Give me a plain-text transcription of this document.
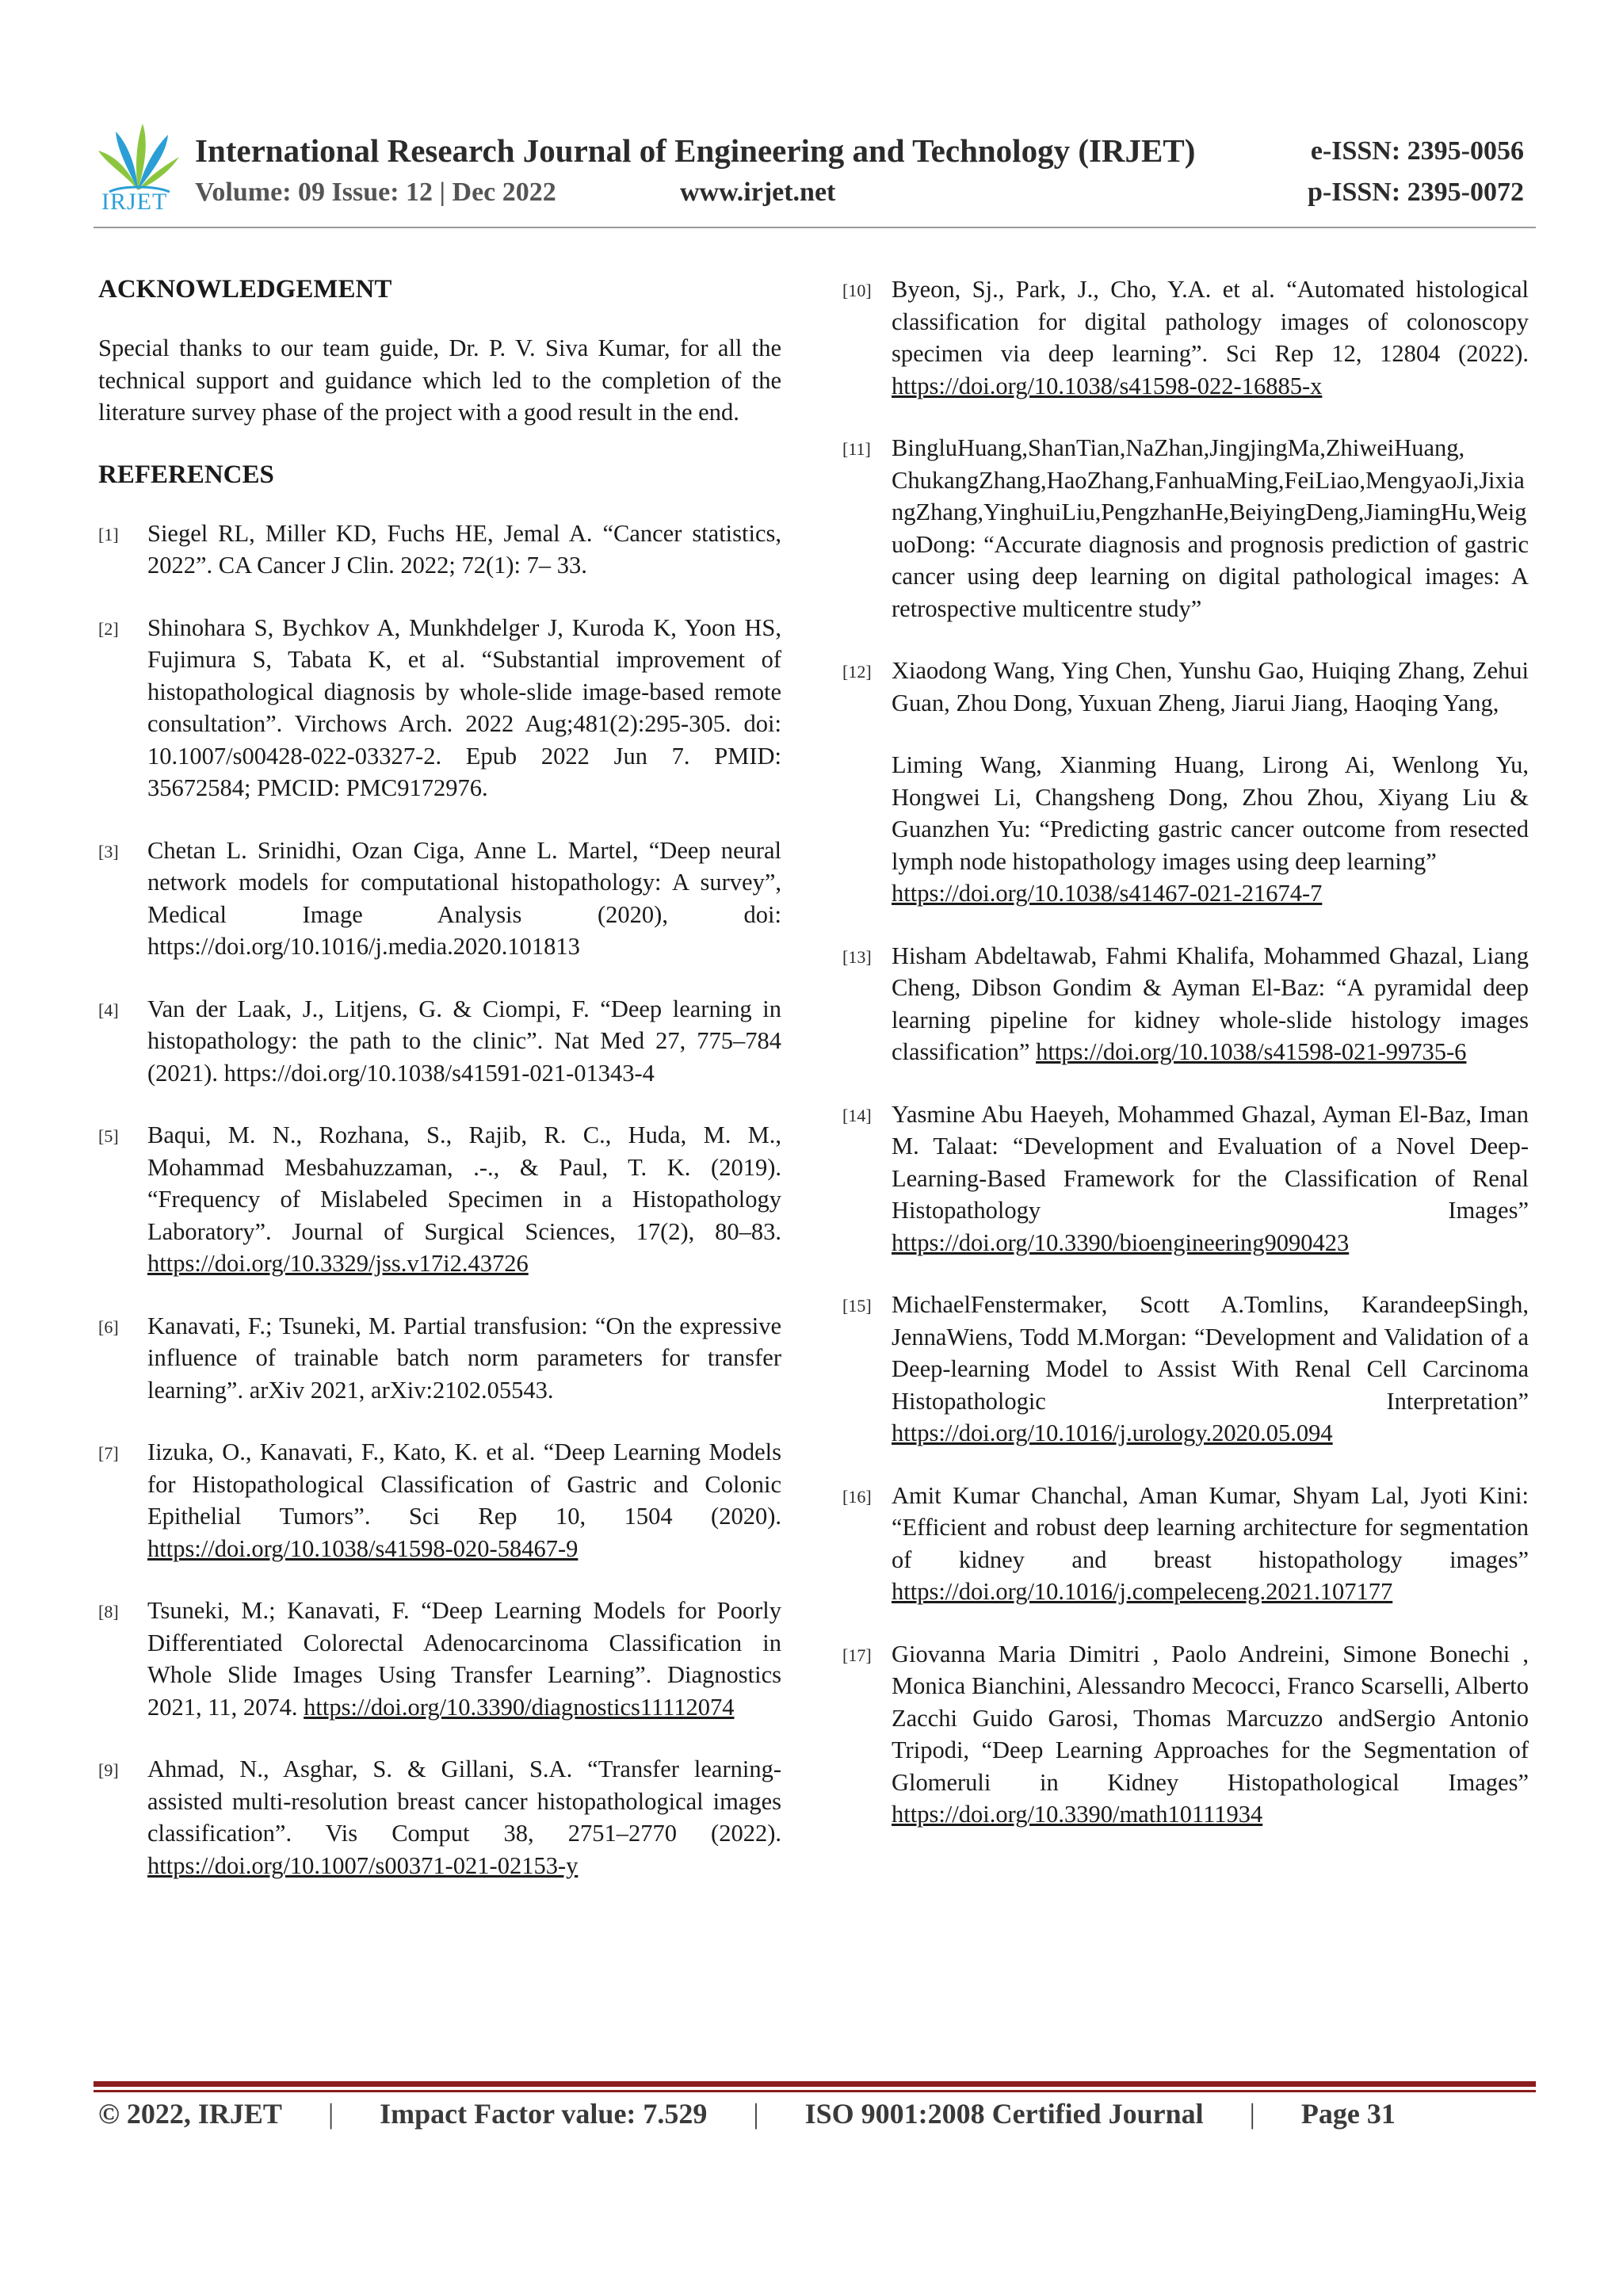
IRJET
International Research Journal of Engineering and Technology (IRJET)	e-ISSN: 2395-0056
Volume: 09 Issue: 12 | Dec 2022	www.irjet.net	p-ISSN: 2395-0072
ACKNOWLEDGEMENT
Special thanks to our team guide, Dr. P. V. Siva Kumar, for all the technical support and guidance which led to the completion of the literature survey phase of the project with a good result in the end.
REFERENCES
[1] Siegel RL, Miller KD, Fuchs HE, Jemal A. “Cancer statistics, 2022”. CA Cancer J Clin. 2022; 72(1): 7– 33.
[2] Shinohara S, Bychkov A, Munkhdelger J, Kuroda K, Yoon HS, Fujimura S, Tabata K, et al. “Substantial improvement of histopathological diagnosis by whole-slide image-based remote consultation”. Virchows Arch. 2022 Aug;481(2):295-305. doi: 10.1007/s00428-022-03327-2. Epub 2022 Jun 7. PMID: 35672584; PMCID: PMC9172976.
[3] Chetan L. Srinidhi, Ozan Ciga, Anne L. Martel, “Deep neural network models for computational histopathology: A survey”, Medical Image Analysis (2020), doi: https://doi.org/10.1016/j.media.2020.101813
[4] Van der Laak, J., Litjens, G. & Ciompi, F. “Deep learning in histopathology: the path to the clinic”. Nat Med 27, 775–784 (2021). https://doi.org/10.1038/s41591-021-01343-4
[5] Baqui, M. N., Rozhana, S., Rajib, R. C., Huda, M. M., Mohammad Mesbahuzzaman, .-., & Paul, T. K. (2019). “Frequency of Mislabeled Specimen in a Histopathology Laboratory”. Journal of Surgical Sciences, 17(2), 80–83. https://doi.org/10.3329/jss.v17i2.43726
[6] Kanavati, F.; Tsuneki, M. Partial transfusion: “On the expressive influence of trainable batch norm parameters for transfer learning”. arXiv 2021, arXiv:2102.05543.
[7] Iizuka, O., Kanavati, F., Kato, K. et al. “Deep Learning Models for Histopathological Classification of Gastric and Colonic Epithelial Tumors”. Sci Rep 10, 1504 (2020). https://doi.org/10.1038/s41598-020-58467-9
[8] Tsuneki, M.; Kanavati, F. “Deep Learning Models for Poorly Differentiated Colorectal Adenocarcinoma Classification in Whole Slide Images Using Transfer Learning”. Diagnostics 2021, 11, 2074. https://doi.org/10.3390/diagnostics11112074
[9] Ahmad, N., Asghar, S. & Gillani, S.A. “Transfer learning-assisted multi-resolution breast cancer histopathological images classification”. Vis Comput 38, 2751–2770 (2022). https://doi.org/10.1007/s00371-021-02153-y
[10] Byeon, Sj., Park, J., Cho, Y.A. et al. “Automated histological classification for digital pathology images of colonoscopy specimen via deep learning”. Sci Rep 12, 12804 (2022). https://doi.org/10.1038/s41598-022-16885-x
[11] BingluHuang,ShanTian,NaZhan,JingjingMa,ZhiweiHuang, ChukangZhang,HaoZhang,FanhuaMing,FeiLiao,MengyaoJi,JixiangZhang,YinghuiLiu,PengzhanHe,BeiyingDeng,JiamingHu,WeiguoDong: “Accurate diagnosis and prognosis prediction of gastric cancer using deep learning on digital pathological images: A retrospective multicentre study”
[12] Xiaodong Wang, Ying Chen, Yunshu Gao, Huiqing Zhang, Zehui Guan, Zhou Dong, Yuxuan Zheng, Jiarui Jiang, Haoqing Yang,
Liming Wang, Xianming Huang, Lirong Ai, Wenlong Yu, Hongwei Li, Changsheng Dong, Zhou Zhou, Xiyang Liu & Guanzhen Yu: “Predicting gastric cancer outcome from resected lymph node histopathology images using deep learning”
https://doi.org/10.1038/s41467-021-21674-7
[13] Hisham Abdeltawab, Fahmi Khalifa, Mohammed Ghazal, Liang Cheng, Dibson Gondim & Ayman El-Baz: “A pyramidal deep learning pipeline for kidney whole-slide histology images classification” https://doi.org/10.1038/s41598-021-99735-6
[14] Yasmine Abu Haeyeh, Mohammed Ghazal, Ayman El-Baz, Iman M. Talaat: “Development and Evaluation of a Novel Deep-Learning-Based Framework for the Classification of Renal Histopathology Images” https://doi.org/10.3390/bioengineering9090423
[15] MichaelFenstermaker, Scott A.Tomlins, KarandeepSingh, JennaWiens, Todd M.Morgan: “Development and Validation of a Deep-learning Model to Assist With Renal Cell Carcinoma Histopathologic Interpretation” https://doi.org/10.1016/j.urology.2020.05.094
[16] Amit Kumar Chanchal, Aman Kumar, Shyam Lal, Jyoti Kini: “Efficient and robust deep learning architecture for segmentation of kidney and breast histopathology images” https://doi.org/10.1016/j.compeleceng.2021.107177
[17] Giovanna Maria Dimitri , Paolo Andreini, Simone Bonechi , Monica Bianchini, Alessandro Mecocci, Franco Scarselli, Alberto Zacchi Guido Garosi, Thomas Marcuzzo andSergio Antonio Tripodi, “Deep Learning Approaches for the Segmentation of Glomeruli in Kidney Histopathological Images” https://doi.org/10.3390/math10111934
© 2022, IRJET | Impact Factor value: 7.529 | ISO 9001:2008 Certified Journal | Page 31
